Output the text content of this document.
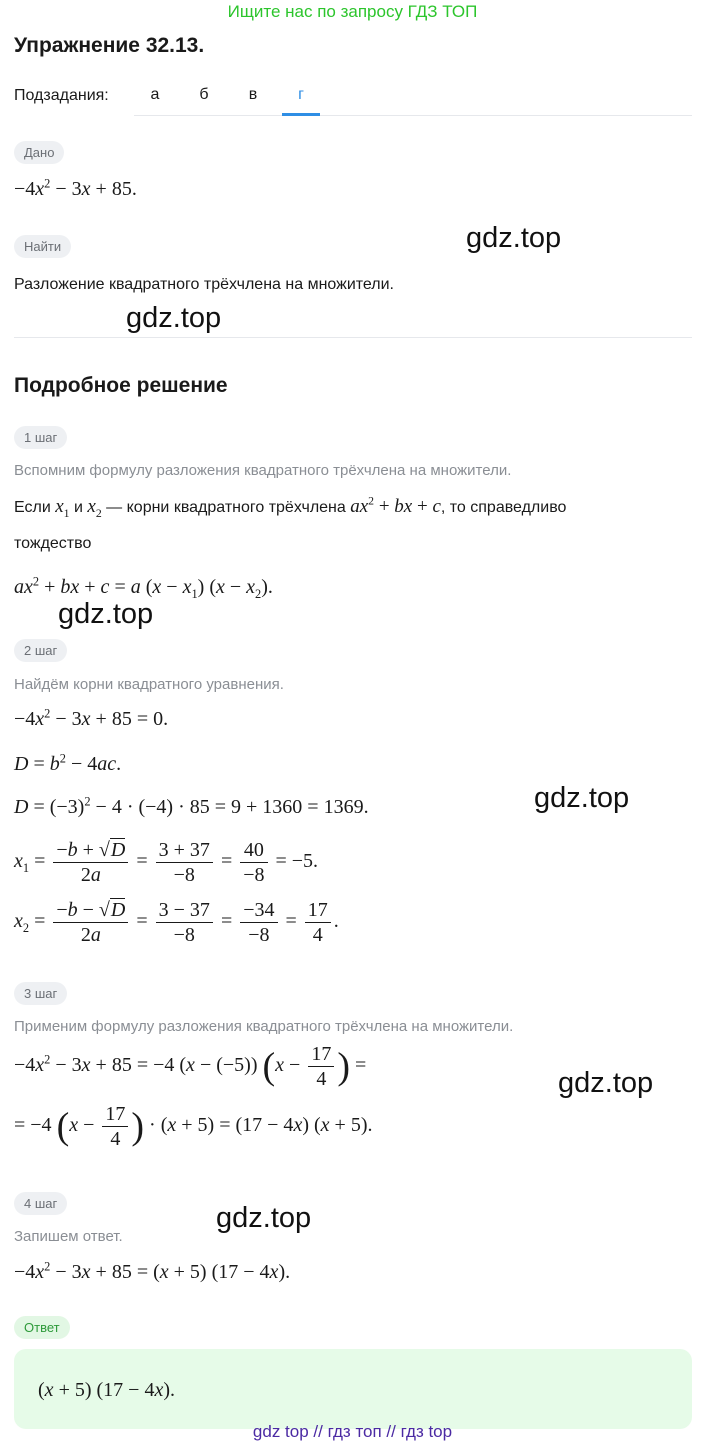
Ищите нас по запросу ГДЗ ТОП
Упражнение 32.13.
Подзадания:	а	б	в	г
Дано
$-4x^2 - 3x + 85$.
Найти
Разложение квадратного трёхчлена на множители.
Подробное решение
1 шаг
Вспомним формулу разложения квадратного трёхчлена на множители.
Если $x_1$ и $x_2$ — корни квадратного трёхчлена $ax^2$ + bx + c, то справедливо
тождество
$ax^2$ + bx + c = a $(x - x_1)$ $(x - x_2)$.
2 шаг
Найдём корни квадратного уравнения.
$-4x^2 - 3x + 85 = 0$.
$D = b^2 - 4ac$.
$D = (-3)^2 - 4 \cdot (-4) \cdot 85 = 9 + 1360 = 1369$.
$x_1 = \frac{-b + √D}{2a} = \frac{3 + 37}{-8} = \frac{40}{-8} = -5$.
$x_2 = \frac{-b - √D}{2a} = \frac{3 - 37}{-8} = \frac{-34}{-8} = \frac{17}{4}$ .
3 шаг
Применим формулу разложения квадратного трёхчлена на множители.
$-4x^2 - 3x + 85 = -4$ (x − (−5)) ($x - \frac{17}{4}$ ) =
= −4 ($x - \frac{17}{4}$ ) · (x + 5) = (17 − 4x) (x + 5).
4 шаг
Запишем ответ.
$-4x^2 - 3x + 85 = (x + 5) (17 - 4x)$.
Ответ
(x + 5) (17 − 4x).
gdz.top
gdz.top
gdz.top
gdz.top
gdz.top
gdz.top
gdz top // гдз топ // гдз top
